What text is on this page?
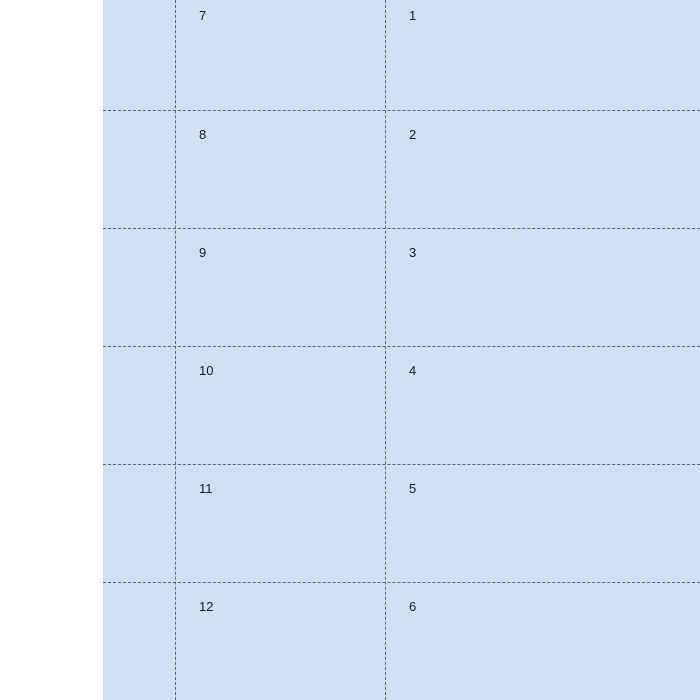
7	1
8	2
9	3
10	4
11	5
12	6
